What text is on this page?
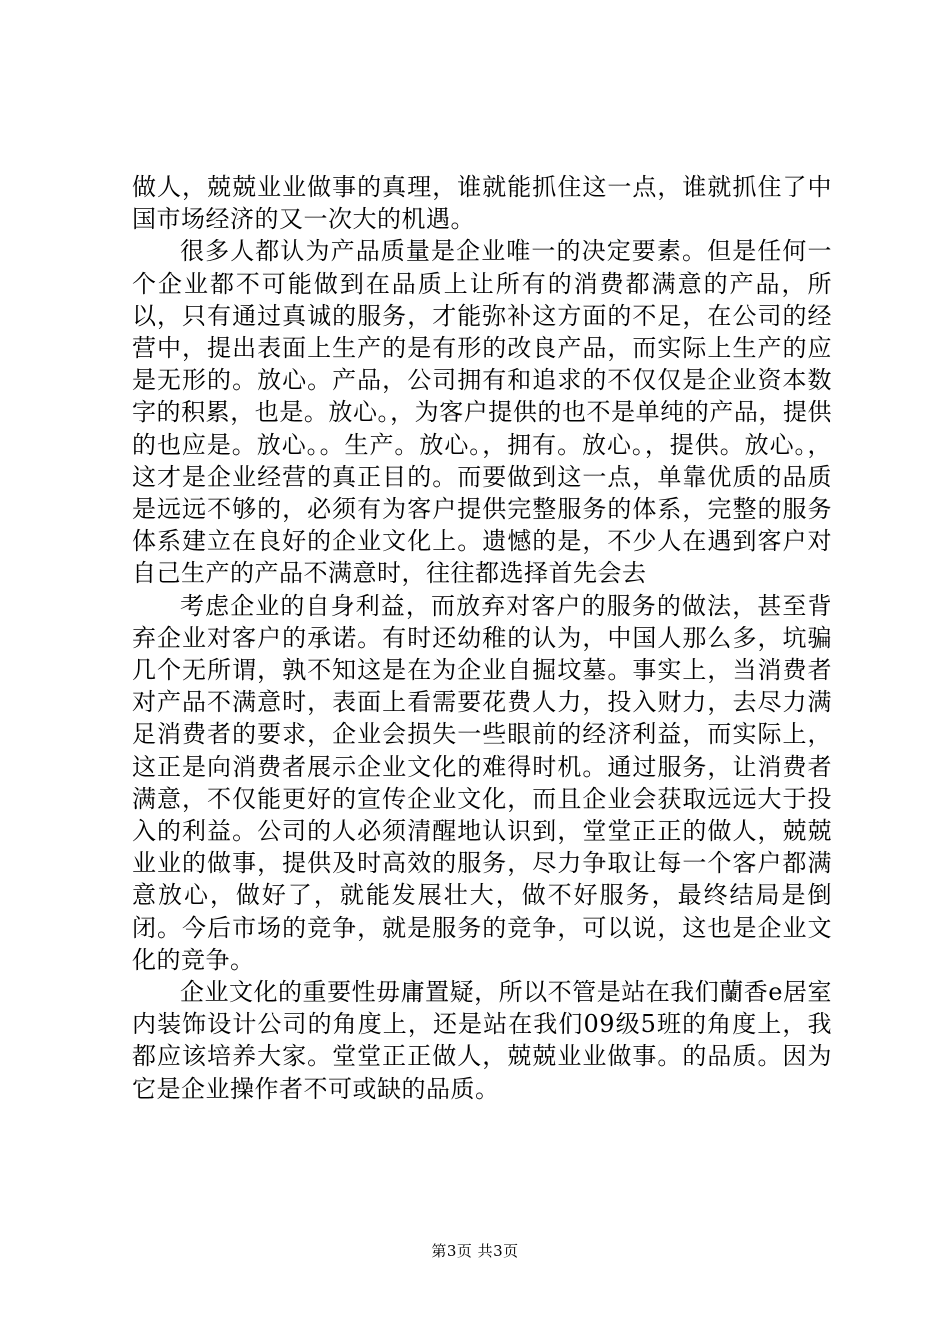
做人，兢兢业业做事的真理，谁就能抓住这一点，谁就抓住了中国市场经济的又一次大的机遇。

很多人都认为产品质量是企业唯一的决定要素。但是任何一个企业都不可能做到在品质上让所有的消费都满意的产品，所以，只有通过真诚的服务，才能弥补这方面的不足，在公司的经营中，提出表面上生产的是有形的改良产品，而实际上生产的应是无形的。放心。产品，公司拥有和追求的不仅仅是企业资本数字的积累，也是。放心。，为客户提供的也不是单纯的产品，提供的也应是。放心。。生产。放心。，拥有。放心。，提供。放心。，这才是企业经营的真正目的。而要做到这一点，单靠优质的品质是远远不够的，必须有为客户提供完整服务的体系，完整的服务体系建立在良好的企业文化上。遗憾的是，不少人在遇到客户对自己生产的产品不满意时，往往都选择首先会去

考虑企业的自身利益，而放弃对客户的服务的做法，甚至背弃企业对客户的承诺。有时还幼稚的认为，中国人那么多，坑骗几个无所谓，孰不知这是在为企业自掘坟墓。事实上，当消费者对产品不满意时，表面上看需要花费人力，投入财力，去尽力满足消费者的要求，企业会损失一些眼前的经济利益，而实际上，这正是向消费者展示企业文化的难得时机。通过服务，让消费者满意，不仅能更好的宣传企业文化，而且企业会获取远远大于投入的利益。公司的人必须清醒地认识到，堂堂正正的做人，兢兢业业的做事，提供及时高效的服务，尽力争取让每一个客户都满意放心，做好了，就能发展壮大，做不好服务，最终结局是倒闭。今后市场的竞争，就是服务的竞争，可以说，这也是企业文化的竞争。

企业文化的重要性毋庸置疑，所以不管是站在我们蘭香e居室内装饰设计公司的角度上，还是站在我们09级5班的角度上，我都应该培养大家。堂堂正正做人，兢兢业业做事。的品质。因为它是企业操作者不可或缺的品质。

第3页 共3页
